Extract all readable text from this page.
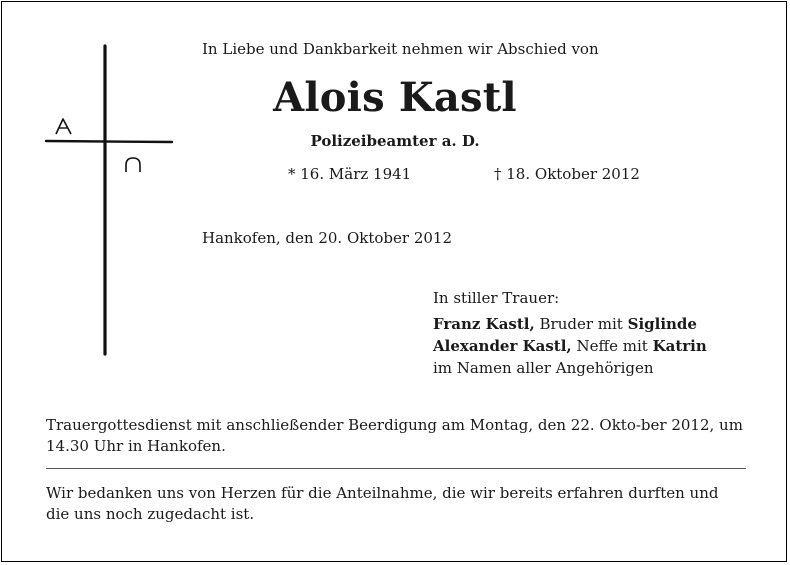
In Liebe und Dankbarkeit nehmen wir Abschied von
Alois Kastl
Polizeibeamter a. D.
* 16. März 1941	† 18. Oktober 2012
Hankofen, den 20. Oktober 2012
In stiller Trauer:
Franz Kastl, Bruder mit Siglinde
Alexander Kastl, Neffe mit Katrin
im Namen aller Angehörigen
Trauergottesdienst mit anschließender Beerdigung am Montag, den 22. Okto-ber 2012, um 14.30 Uhr in Hankofen.
Wir bedanken uns von Herzen für die Anteilnahme, die wir bereits erfahren durften und die uns noch zugedacht ist.
